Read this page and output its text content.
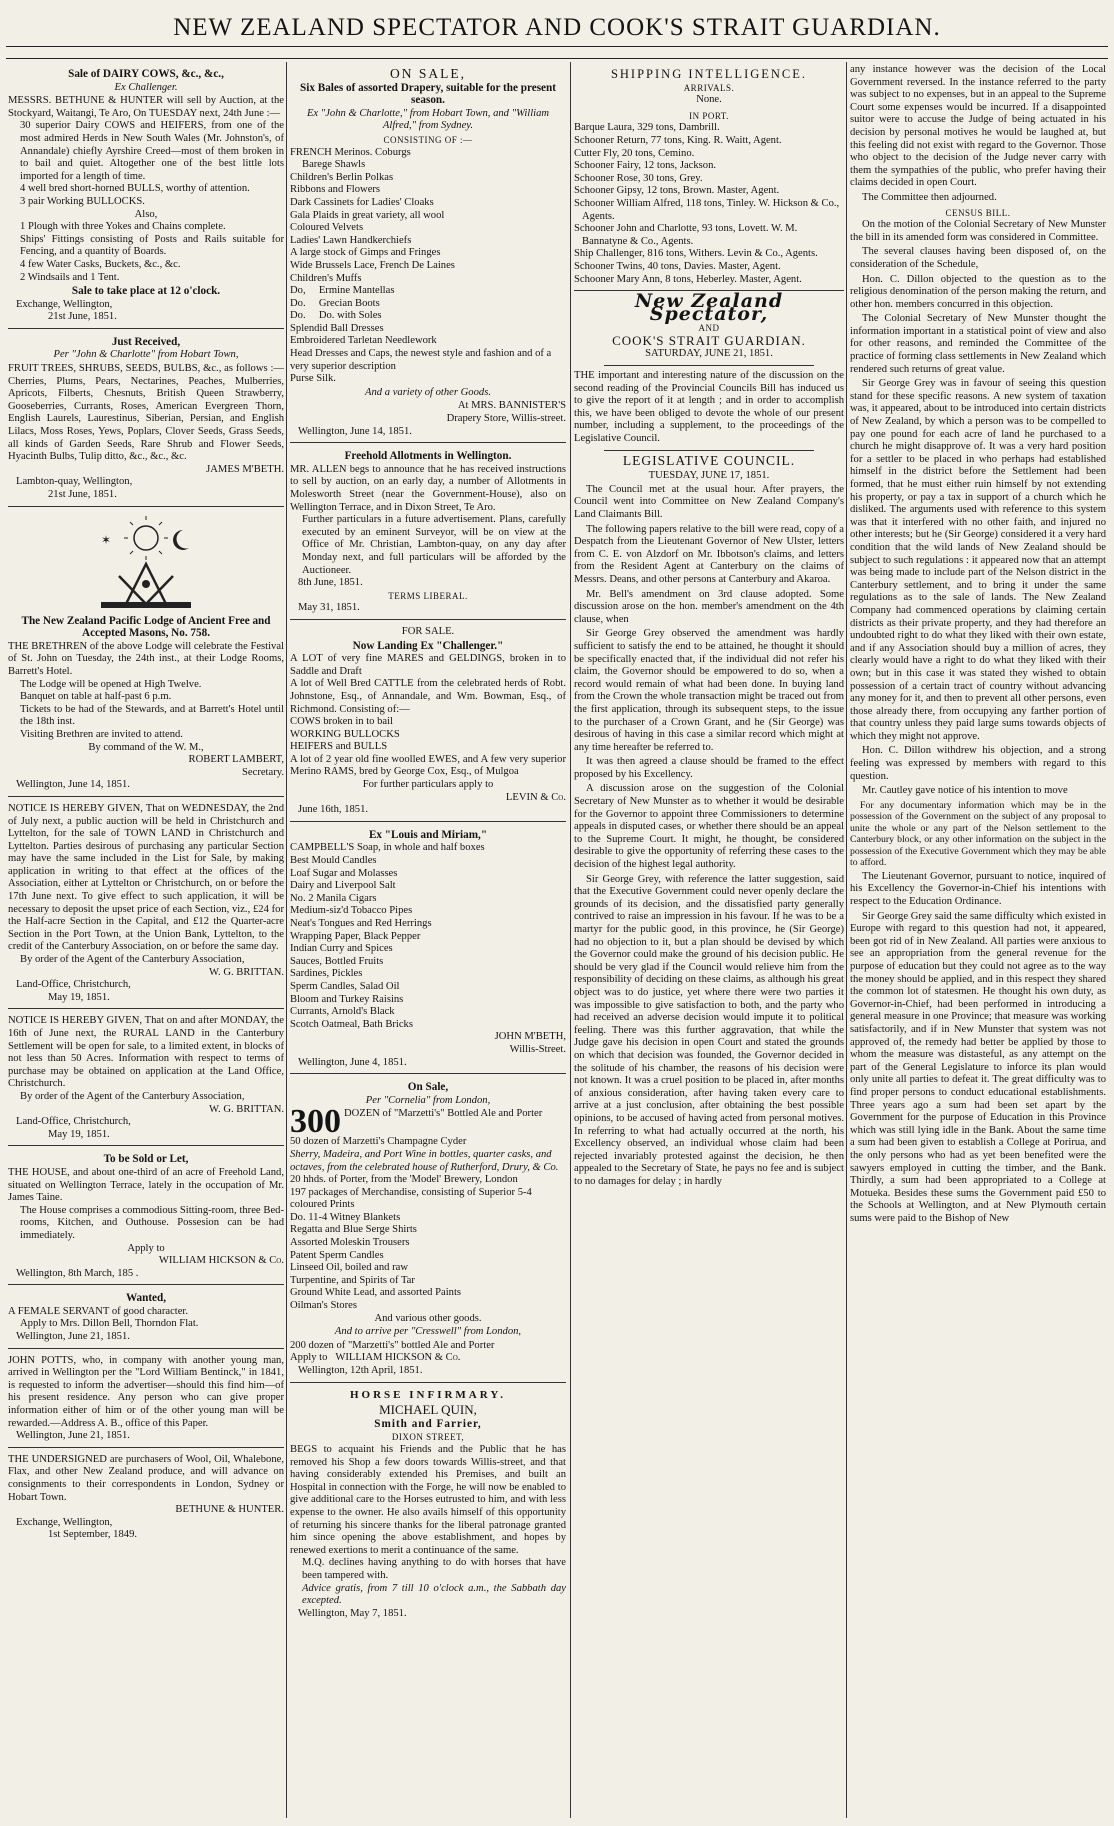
NEW ZEALAND SPECTATOR AND COOK'S STRAIT GUARDIAN.
Sale of DAIRY COWS, &c., &c.,
Ex Challenger.

MESSRS. BETHUNE & HUNTER will sell by Auction, at the Stockyard, Waitangi, Te Aro, On TUESDAY next, 24th June :—

30 superior Dairy COWS and HEIFERS, from one of the most admired Herds in New South Wales (Mr. Johnston's, of Annandale) chiefly Ayrshire Creed—most of them broken in to bail and quiet. Altogether one of the best little lots imported for a length of time.

4 well bred short-horned BULLS, worthy of attention.

3 pair Working BULLOCKS.

Also,

1 Plough with three Yokes and Chains complete.

Ships' Fittings consisting of Posts and Rails suitable for Fencing, and a quantity of Boards.

4 few Water Casks, Buckets, &c., &c.

2 Windsails and 1 Tent.

Sale to take place at 12 o'clock.

Exchange, Wellington,

21st June, 1851.

Just Received,
Per "John & Charlotte" from Hobart Town,

FRUIT TREES, SHRUBS, SEEDS, BULBS, &c., as follows :— Cherries, Plums, Pears, Nectarines, Peaches, Mulberries, Apricots, Filberts, Chesnuts, British Queen Strawberry, Gooseberries, Currants, Roses, American Evergreen Thorn, English Laurels, Laurestinus, Siberian, Persian, and English Lilacs, Moss Roses, Yews, Poplars, Clover Seeds, Grass Seeds, all kinds of Garden Seeds, Rare Shrub and Flower Seeds, Hyacinth Bulbs, Tulip ditto, &c., &c., &c.

JAMES M'BETH.

Lambton-quay, Wellington,

21st June, 1851.

✶
The New Zealand Pacific Lodge of Ancient Free and Accepted Masons, No. 758.

THE BRETHREN of the above Lodge will celebrate the Festival of St. John on Tuesday, the 24th inst., at their Lodge Rooms, Barrett's Hotel.

The Lodge will be opened at High Twelve.

Banquet on table at half-past 6 p.m.

Tickets to be had of the Stewards, and at Barrett's Hotel until the 18th inst.

Visiting Brethren are invited to attend.

By command of the W. M.,

ROBERT LAMBERT,

Secretary.

Wellington, June 14, 1851.

NOTICE IS HEREBY GIVEN, That on WEDNESDAY, the 2nd of July next, a public auction will be held in Christchurch and Lyttelton, for the sale of TOWN LAND in Christchurch and Lyttelton. Parties desirous of purchasing any particular Section may have the same included in the List for Sale, by making application in writing to that effect at the offices of the Association, either at Lyttelton or Christchurch, on or before the 17th June next. To give effect to such application, it will be necessary to deposit the upset price of each Section, viz., £24 for the Half-acre Section in the Capital, and £12 the Quarter-acre Section in the Port Town, at the Union Bank, Lyttelton, to the credit of the Canterbury Association, on or before the same day.

By order of the Agent of the Canterbury Association,

W. G. BRITTAN.

Land-Office, Christchurch,

May 19, 1851.

NOTICE IS HEREBY GIVEN, That on and after MONDAY, the 16th of June next, the RURAL LAND in the Canterbury Settlement will be open for sale, to a limited extent, in blocks of not less than 50 Acres. Information with respect to terms of purchase may be obtained on application at the Land Office, Christchurch.

By order of the Agent of the Canterbury Association,

W. G. BRITTAN.

Land-Office, Christchurch,

May 19, 1851.

To be Sold or Let,

THE HOUSE, and about one-third of an acre of Freehold Land, situated on Wellington Terrace, lately in the occupation of Mr. James Taine.

The House comprises a commodious Sitting-room, three Bed-rooms, Kitchen, and Outhouse. Possesion can be had immediately.

Apply to

WILLIAM HICKSON & Co.

Wellington, 8th March, 185 .

Wanted,

A FEMALE SERVANT of good character.

Apply to Mrs. Dillon Bell, Thorndon Flat.

Wellington, June 21, 1851.

JOHN POTTS, who, in company with another young man, arrived in Wellington per the "Lord William Bentinck," in 1841, is requested to inform the advertiser—should this find him—of his present residence. Any person who can give proper information either of him or of the other young man will be rewarded.—Address A. B., office of this Paper.

Wellington, June 21, 1851.

THE UNDERSIGNED are purchasers of Wool, Oil, Whalebone, Flax, and other New Zealand produce, and will advance on consignments to their correspondents in London, Sydney or Hobart Town.

BETHUNE & HUNTER.

Exchange, Wellington,

1st September, 1849.

ON SALE,
Six Bales of assorted Drapery, suitable for the present season.
Ex "John & Charlotte," from Hobart Town, and "William Alfred," from Sydney.
CONSISTING OF :—

FRENCH Merinos. Coburgs

Barege Shawls

Children's Berlin Polkas

Ribbons and Flowers

Dark Cassinets for Ladies' Cloaks

Gala Plaids in great variety, all wool

Coloured Velvets

Ladies' Lawn Handkerchiefs

A large stock of Gimps and Fringes

Wide Brussels Lace, French De Laines

Children's Muffs

Do,     Ermine Mantellas

Do.     Grecian Boots

Do.     Do. with Soles

Splendid Ball Dresses

Embroidered Tarletan Needlework

Head Dresses and Caps, the newest style and fashion and of a very superior description

Purse Silk.

And a variety of other Goods.

At MRS. BANNISTER'S

Drapery Store, Willis-street.

Wellington, June 14, 1851.

Freehold Allotments in Wellington.

MR. ALLEN begs to announce that he has received instructions to sell by auction, on an early day, a number of Allotments in Molesworth Street (near the Government-House), also on Wellington Terrace, and in Dixon Street, Te Aro.

Further particulars in a future advertisement. Plans, carefully executed by an eminent Surveyor, will be on view at the Office of Mr. Christian, Lambton-quay, on any day after Monday next, and full particulars will be afforded by the Auctioneer.

8th June, 1851.

TERMS LIBERAL.

May 31, 1851.

FOR SALE.
Now Landing Ex "Challenger."

A LOT of very fine MARES and GELDINGS, broken in to Saddle and Draft

A lot of Well Bred CATTLE from the celebrated herds of Robt. Johnstone, Esq., of Annandale, and Wm. Bowman, Esq., of Richmond. Consisting of:—

COWS broken in to bail

WORKING BULLOCKS

HEIFERS and BULLS

A lot of 2 year old fine woolled EWES, and A few very superior Merino RAMS, bred by George Cox, Esq., of Mulgoa

For further particulars apply to

LEVIN & Co.

June 16th, 1851.

Ex "Louis and Miriam,"

CAMPBELL'S Soap, in whole and half boxes

Best Mould Candles

Loaf Sugar and Molasses

Dairy and Liverpool Salt

No. 2 Manila Cigars

Medium-siz'd Tobacco Pipes

Neat's Tongues and Red Herrings

Wrapping Paper, Black Pepper

Indian Curry and Spices

Sauces, Bottled Fruits

Sardines, Pickles

Sperm Candles, Salad Oil

Bloom and Turkey Raisins

Currants, Arnold's Black

Scotch Oatmeal, Bath Bricks

JOHN M'BETH,

Willis-Street.

Wellington, June 4, 1851.

On Sale,
Per "Cornelia" from London,

300 DOZEN of "Marzetti's" Bottled Ale and Porter

50 dozen of Marzetti's Champagne Cyder

Sherry, Madeira, and Port Wine in bottles, quarter casks, and octaves, from the celebrated house of Rutherford, Drury, & Co.

20 hhds. of Porter, from the 'Model' Brewery, London

197 packages of Merchandise, consisting of Superior 5-4 coloured Prints

Do. 11-4 Witney Blankets

Regatta and Blue Serge Shirts

Assorted Moleskin Trousers

Patent Sperm Candles

Linseed Oil, boiled and raw

Turpentine, and Spirits of Tar

Ground White Lead, and assorted Paints

Oilman's Stores

And various other goods.
And to arrive per "Cresswell" from London,

200 dozen of "Marzetti's" bottled Ale and Porter

Apply to WILLIAM HICKSON & Co.

Wellington, 12th April, 1851.

HORSE INFIRMARY.
MICHAEL QUIN,
Smith and Farrier,
DIXON STREET,

BEGS to acquaint his Friends and the Public that he has removed his Shop a few doors towards Willis-street, and that having considerably extended his Premises, and built an Hospital in connection with the Forge, he will now be enabled to give additional care to the Horses eutrusted to him, and with less expense to the owner. He also avails himself of this opportunity of returning his sincere thanks for the liberal patronage granted him since opening the above establishment, and hopes by renewed exertions to merit a continuance of the same.

M.Q. declines having anything to do with horses that have been tampered with.

Advice gratis, from 7 till 10 o'clock a.m., the Sabbath day excepted.

Wellington, May 7, 1851.

SHIPPING INTELLIGENCE.
ARRIVALS.
None.
IN PORT.

Barque Laura, 329 tons, Dambrill.

Schooner Return, 77 tons, King. R. Waitt, Agent.

Cutter Fly, 20 tons, Cemino.

Schooner Fairy, 12 tons, Jackson.

Schooner Rose, 30 tons, Grey.

Schooner Gipsy, 12 tons, Brown. Master, Agent.

Schooner William Alfred, 118 tons, Tinley. W. Hickson & Co., Agents.

Schooner John and Charlotte, 93 tons, Lovett. W. M. Bannatyne & Co., Agents.

Ship Challenger, 816 tons, Withers. Levin & Co., Agents.

Schooner Twins, 40 tons, Davies. Master, Agent.

Schooner Mary Ann, 8 tons, Heberley. Master, Agent.

New Zealand Spectator,
AND
COOK'S STRAIT GUARDIAN.
SATURDAY, JUNE 21, 1851.

THE important and interesting nature of the discussion on the second reading of the Provincial Councils Bill has induced us to give the report of it at length ; and in order to accomplish this, we have been obliged to devote the whole of our present number, including a supplement, to the proceedings of the Legislative Council.

LEGISLATIVE COUNCIL.
TUESDAY, JUNE 17, 1851.

The Council met at the usual hour. After prayers, the Council went into Committee on New Zealand Company's Land Claimants Bill.

The following papers relative to the bill were read, copy of a Despatch from the Lieutenant Governor of New Ulster, letters from C. E. von Alzdorf on Mr. Ibbotson's claims, and letters from the Resident Agent at Canterbury on the claims of Messrs. Deans, and other persons at Canterbury and Akaroa.

Mr. Bell's amendment on 3rd clause adopted. Some discussion arose on the hon. member's amendment on the 4th clause, when

Sir George Grey observed the amendment was hardly sufficient to satisfy the end to be attained, he thought it should be specifically enacted that, if the individual did not refer his claim, the Governor should be empowered to do so, when a record would remain of what had been done. In buying land from the Crown the whole transaction might be traced out from the first application, through its subsequent steps, to the issue to the purchaser of a Crown Grant, and he (Sir George) was desirous of having in this case a similar record which might at any time hereafter be referred to.

It was then agreed a clause should be framed to the effect proposed by his Excellency.

A discussion arose on the suggestion of the Colonial Secretary of New Munster as to whether it would be desirable for the Governor to appoint three Commissioners to determine appeals in disputed cases, or whether there should be an appeal to the Supreme Court. It might, he thought, be considered desirable to give the opportunity of referring these cases to the decision of the highest legal authority.

Sir George Grey, with reference the latter suggestion, said that the Executive Government could never openly declare the grounds of its decision, and the dissatisfied party generally contrived to raise an impression in his favour. If he was to be a martyr for the public good, in this province, he (Sir George) had no objection to it, but a plan should be devised by which the Governor could make the ground of his decision public. He should be very glad if the Council would relieve him from the responsibility of deciding on these claims, as although his great object was to do justice, yet where there were two parties it was impossible to give satisfaction to both, and the party who had received an adverse decision would impute it to political feeling. There was this further aggravation, that while the Judge gave his decision in open Court and stated the grounds on which that decision was founded, the Governor decided in the solitude of his chamber, the reasons of his decision were not known. It was a cruel position to be placed in, after months of anxious consideration, after having taken every care to arrive at a just conclusion, after obtaining the best possible opinions, to be accused of having acted from personal motives. In referring to what had actually occurred at the north, his Excellency observed, an individual whose claim had been rejected invariably protested against the decision, he then appealed to the Secretary of State, he pays no fee and is subject to no damages for delay ; in hardly

any instance however was the decision of the Local Government reversed. In the instance referred to the party was subject to no expenses, but in an appeal to the Supreme Court some expenses would be incurred. If a disappointed suitor were to accuse the Judge of being actuated in his decision by personal motives he would be laughed at, but this feeling did not exist with regard to the Governor. Those who object to the decision of the Judge never carry with them the sympathies of the public, who prefer having their claims decided in open Court.

The Committee then adjourned.

CENSUS BILL.

On the motion of the Colonial Secretary of New Munster the bill in its amended form was considered in Committee.

The several clauses having been disposed of, on the consideration of the Schedule,

Hon. C. Dillon objected to the question as to the religious denomination of the person making the return, and other hon. members concurred in this objection.

The Colonial Secretary of New Munster thought the information important in a statistical point of view and also for other reasons, and reminded the Committee of the practice of forming class settlements in New Zealand which rendered such returns of great value.

Sir George Grey was in favour of seeing this question stand for these specific reasons. A new system of taxation was, it appeared, about to be introduced into certain districts of New Zealand, by which a person was to be compelled to pay one pound for each acre of land he purchased to a church he might disapprove of. It was a very hard position for a settler to be placed in who perhaps had established himself in the district before the Settlement had been formed, that he must either ruin himself by not extending his property, or pay a tax in support of a church which he disliked. The arguments used with reference to this system was that it interfered with no other faith, and injured no other interests; but he (Sir George) considered it a very hard condition that the wild lands of New Zealand should be subject to such regulations : it appeared now that an attempt was being made to include part of the Nelson district in the Canterbury settlement, and to bring it under the same regulations as to the sale of lands. The New Zealand Company had commenced operations by claiming certain districts as their private property, and they had therefore an undoubted right to do what they liked with their own estate, and if any Association should buy a million of acres, they clearly would have a right to do what they liked with their own; but in this case it was stated they wished to obtain possession of a certain tract of country without advancing any money for it, and then to prevent all other persons, even those already there, from occupying any farther portion of that country unless they paid large sums towards objects of which they might not approve.

Hon. C. Dillon withdrew his objection, and a strong feeling was expressed by members with regard to this question.

Mr. Cautley gave notice of his intention to move

For any documentary information which may be in the possession of the Government on the subject of any proposal to unite the whole or any part of the Nelson settlement to the Canterbury block, or any other information on the subject in the possession of the Executive Government which they may be able to afford.

The Lieutenant Governor, pursuant to notice, inquired of his Excellency the Governor-in-Chief his intentions with respect to the Education Ordinance.

Sir George Grey said the same difficulty which existed in Europe with regard to this question had not, it appeared, been got rid of in New Zealand. All parties were anxious to see an appropriation from the general revenue for the purpose of education but they could not agree as to the way the money should be applied, and in this respect they shared the common lot of statesmen. He thought his own duty, as Governor-in-Chief, had been performed in introducing a general measure in one Province; that measure was working satisfactorily, and if in New Munster that system was not approved of, the remedy had better be applied by those to whom the measure was distasteful, as any attempt on the part of the General Legislature to inforce its plan would only unite all parties to defeat it. The great difficulty was to find proper persons to conduct educational establishments. Three years ago a sum had been set apart by the Government for the purpose of Education in this Province which was still lying idle in the Bank. About the same time a sum had been given to establish a College at Porirua, and the only persons who had as yet been benefited were the sawyers employed in cutting the timber, and the Bank. Thirdly, a sum had been appropriated to a College at Motueka. Besides these sums the Government paid £50 to the Schools at Wellington, and at New Plymouth certain sums were paid to the Bishop of New
